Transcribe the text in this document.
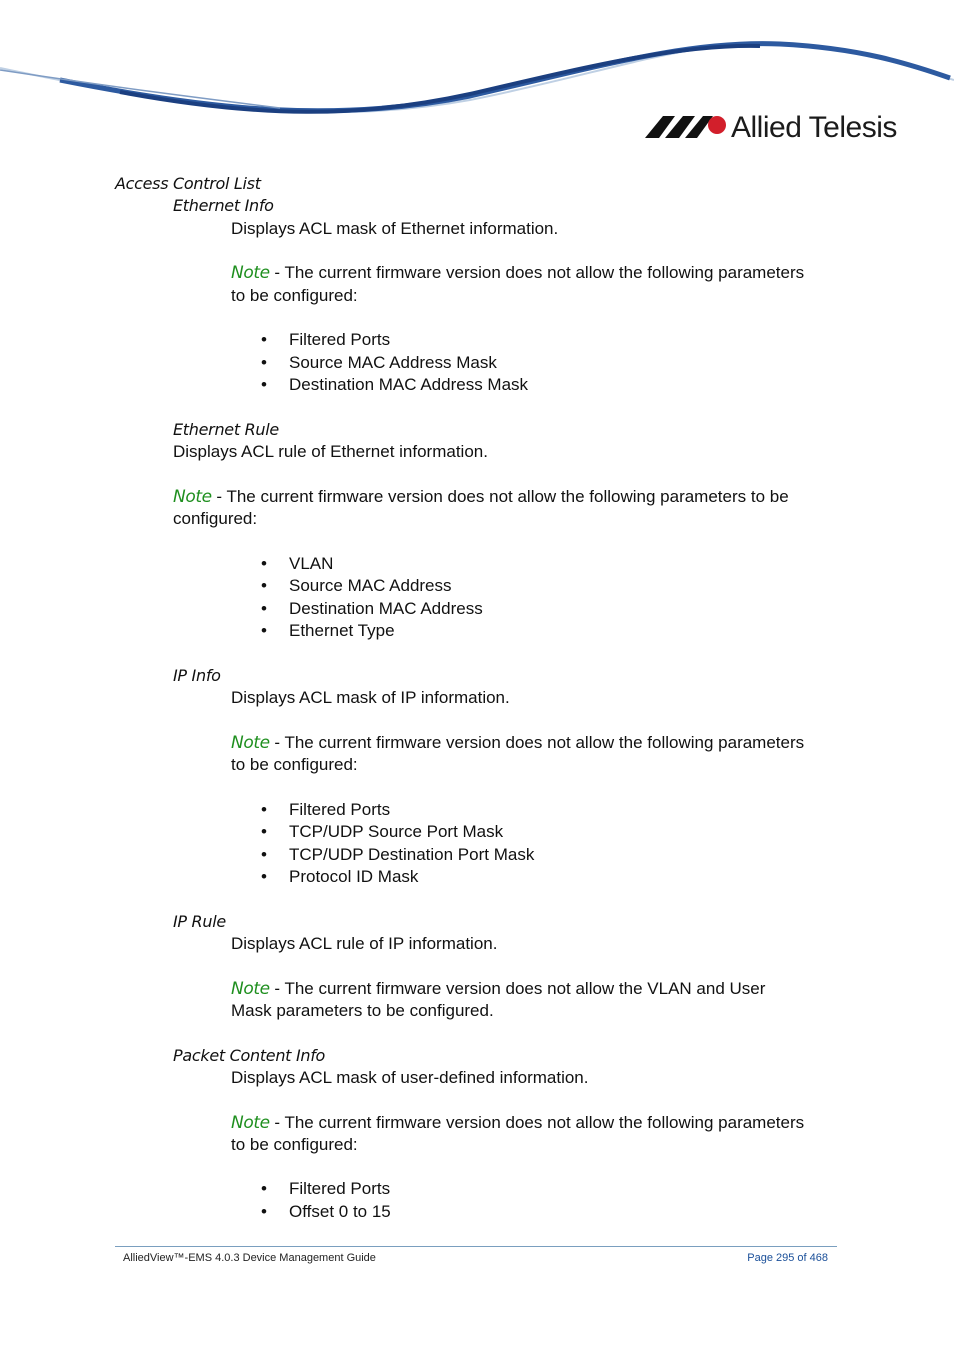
Allied Telesis
Access Control List
Ethernet Info
Displays ACL mask of Ethernet information.
Note - The current firmware version does not allow the following parameters
to be configured:
• Filtered Ports
• Source MAC Address Mask
• Destination MAC Address Mask
Ethernet Rule
Displays ACL rule of Ethernet information.
Note - The current firmware version does not allow the following parameters to be
configured:
• VLAN
• Source MAC Address
• Destination MAC Address
• Ethernet Type
IP Info
Displays ACL mask of IP information.
Note - The current firmware version does not allow the following parameters
to be configured:
• Filtered Ports
• TCP/UDP Source Port Mask
• TCP/UDP Destination Port Mask
• Protocol ID Mask
IP Rule
Displays ACL rule of IP information.
Note - The current firmware version does not allow the VLAN and User
Mask parameters to be configured.
Packet Content Info
Displays ACL mask of user-defined information.
Note - The current firmware version does not allow the following parameters
to be configured:
• Filtered Ports
• Offset 0 to 15
AlliedView™-EMS 4.0.3 Device Management Guide	Page 295 of 468
